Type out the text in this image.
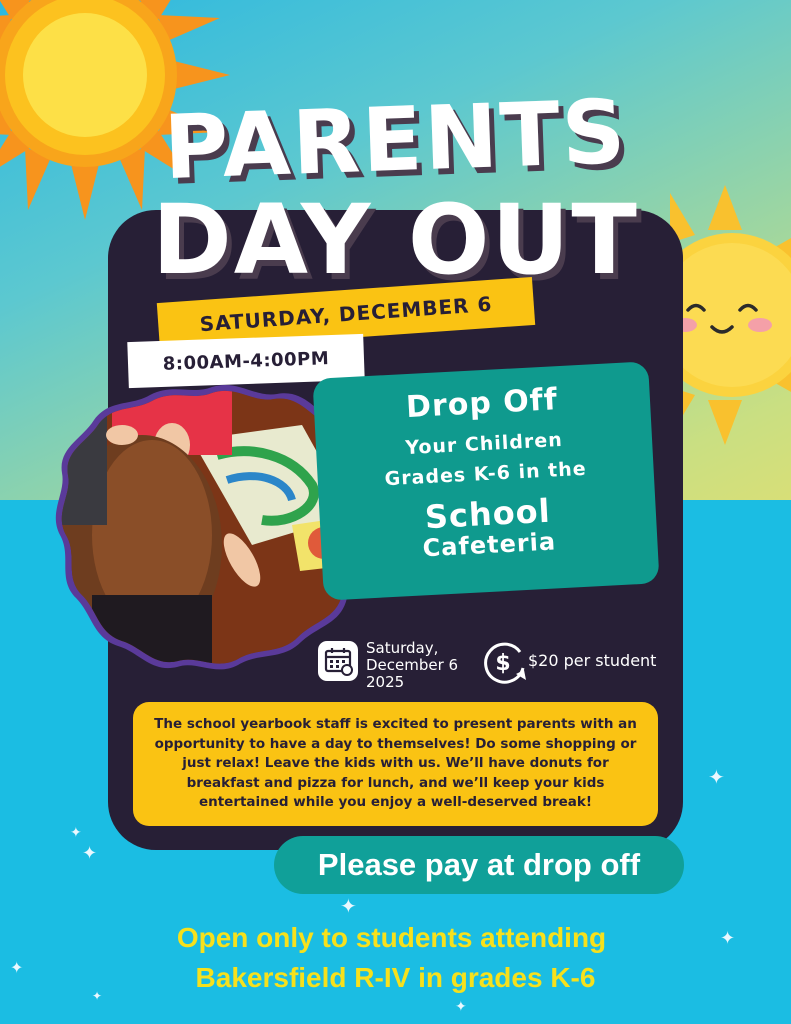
✦
✦
✦
✦
✦
✦
✦
✦
PARENTS
DAY OUT
SATURDAY, DECEMBER 6
8:00AM-4:00PM
Drop Off
Your Children
Grades K-6 in the
School
Cafeteria
Saturday,
December 6
2025
$ $20 per student

The school yearbook staff is excited to present parents with an opportunity to have a day to themselves! Do some shopping or just relax! Leave the kids with us. We’ll have donuts for breakfast and pizza for lunch, and we’ll keep your kids entertained while you enjoy a well-deserved break!

Please pay at drop off
Open only to students attending
Bakersfield R-IV in grades K-6
